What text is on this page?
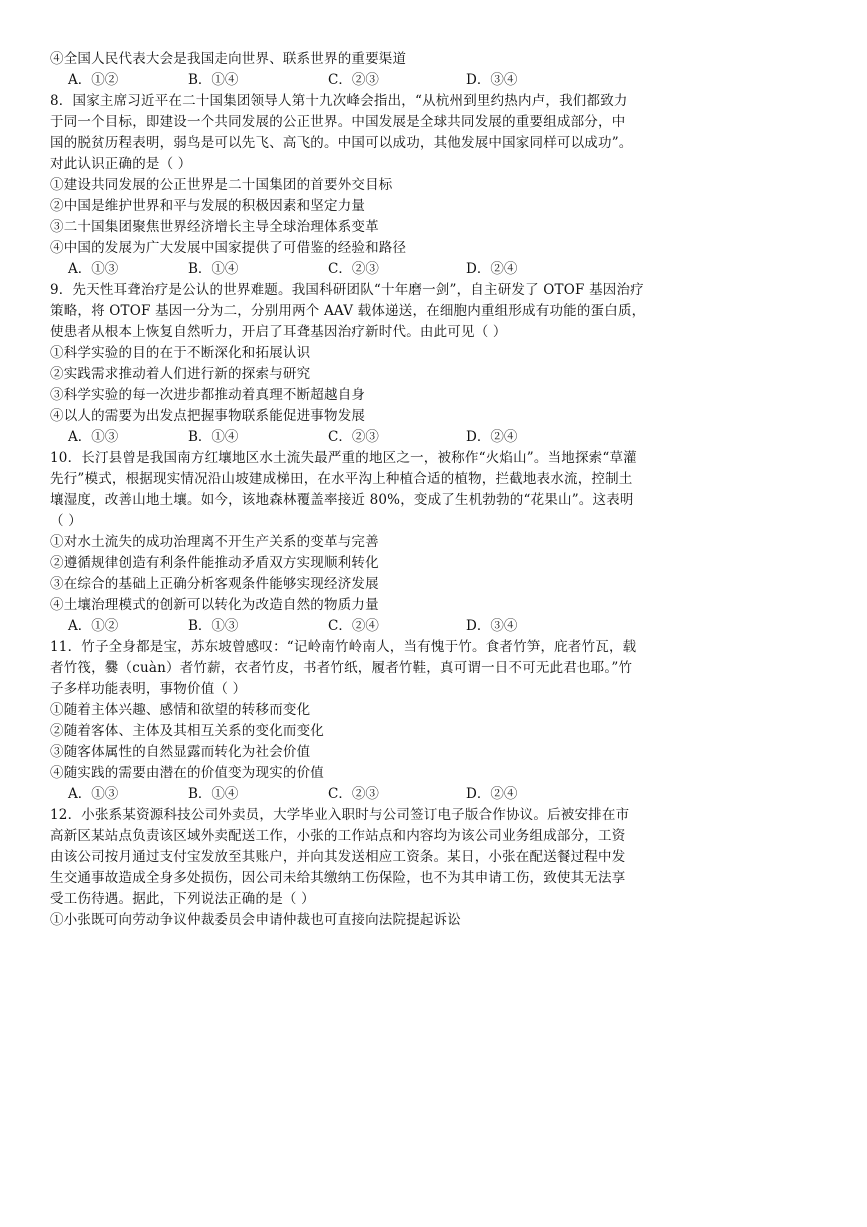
④全国人民代表大会是我国走向世界、联系世界的重要渠道
A．①②	B．①④	C．②③	D．③④
8．国家主席习近平在二十国集团领导人第十九次峰会指出，“从杭州到里约热内卢，我们都致力
于同一个目标，即建设一个共同发展的公正世界。中国发展是全球共同发展的重要组成部分，中
国的脱贫历程表明，弱鸟是可以先飞、高飞的。中国可以成功，其他发展中国家同样可以成功”。
对此认识正确的是（ ）
①建设共同发展的公正世界是二十国集团的首要外交目标
②中国是维护世界和平与发展的积极因素和坚定力量
③二十国集团聚焦世界经济增长主导全球治理体系变革
④中国的发展为广大发展中国家提供了可借鉴的经验和路径
A．①③	B．①④	C．②③	D．②④
9．先天性耳聋治疗是公认的世界难题。我国科研团队“十年磨一剑”，自主研发了 OTOF 基因治疗
策略，将 OTOF 基因一分为二，分别用两个 AAV 载体递送，在细胞内重组形成有功能的蛋白质，
使患者从根本上恢复自然听力，开启了耳聋基因治疗新时代。由此可见（ ）
①科学实验的目的在于不断深化和拓展认识
②实践需求推动着人们进行新的探索与研究
③科学实验的每一次进步都推动着真理不断超越自身
④以人的需要为出发点把握事物联系能促进事物发展
A．①③	B．①④	C．②③	D．②④
10．长汀县曾是我国南方红壤地区水土流失最严重的地区之一，被称作“火焰山”。当地探索“草灌
先行”模式，根据现实情况沿山坡建成梯田，在水平沟上种植合适的植物，拦截地表水流，控制土
壤湿度，改善山地土壤。如今，该地森林覆盖率接近 80%，变成了生机勃勃的“花果山”。这表明
（ ）
①对水土流失的成功治理离不开生产关系的变革与完善
②遵循规律创造有利条件能推动矛盾双方实现顺利转化
③在综合的基础上正确分析客观条件能够实现经济发展
④土壤治理模式的创新可以转化为改造自然的物质力量
A．①②	B．①③	C．②④	D．③④
11．竹子全身都是宝，苏东坡曾感叹：“记岭南竹岭南人，当有愧于竹。食者竹笋，庇者竹瓦，载
者竹筏，爨（cuàn）者竹薪，衣者竹皮，书者竹纸，履者竹鞋，真可谓一日不可无此君也耶。”竹
子多样功能表明，事物价值（ ）
①随着主体兴趣、感情和欲望的转移而变化
②随着客体、主体及其相互关系的变化而变化
③随客体属性的自然显露而转化为社会价值
④随实践的需要由潜在的价值变为现实的价值
A．①③	B．①④	C．②③	D．②④
12．小张系某资源科技公司外卖员，大学毕业入职时与公司签订电子版合作协议。后被安排在市
高新区某站点负责该区域外卖配送工作，小张的工作站点和内容均为该公司业务组成部分，工资
由该公司按月通过支付宝发放至其账户，并向其发送相应工资条。某日，小张在配送餐过程中发
生交通事故造成全身多处损伤，因公司未给其缴纳工伤保险，也不为其申请工伤，致使其无法享
受工伤待遇。据此，下列说法正确的是（ ）
①小张既可向劳动争议仲裁委员会申请仲裁也可直接向法院提起诉讼
